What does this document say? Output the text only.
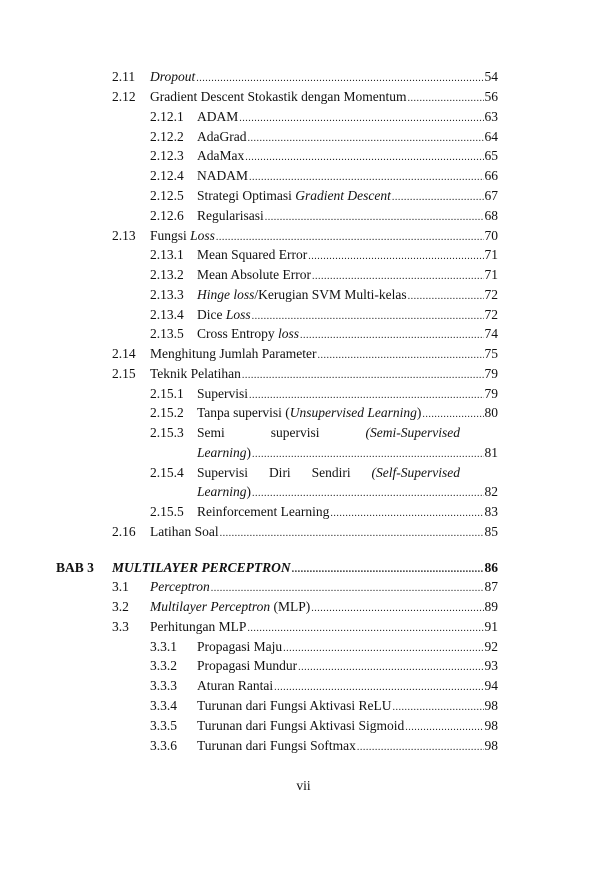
2.11 Dropout .....	54
2.12 Gradient Descent Stokastik dengan Momentum .....	56
2.12.1 ADAM .....	63
2.12.2 AdaGrad .....	64
2.12.3 AdaMax .....	65
2.12.4 NADAM .....	66
2.12.5 Strategi Optimasi Gradient Descent .....	67
2.12.6 Regularisasi .....	68
2.13 Fungsi Loss .....	70
2.13.1 Mean Squared Error .....	71
2.13.2 Mean Absolute Error .....	71
2.13.3 Hinge loss/Kerugian SVM Multi-kelas .....	72
2.13.4 Dice Loss .....	72
2.13.5 Cross Entropy loss .....	74
2.14 Menghitung Jumlah Parameter .....	75
2.15 Teknik Pelatihan .....	79
2.15.1 Supervisi .....	79
2.15.2 Tanpa supervisi (Unsupervised Learning) .....	80
2.15.3 Semi	supervisi	(Semi-Supervised
Learning) .....	81
2.15.4 Supervisi Diri Sendiri (Self-Supervised
Learning) .....	82
2.15.5 Reinforcement Learning .....	83
2.16 Latihan Soal .....	85
BAB 3 MULTILAYER PERCEPTRON .....	86
3.1 Perceptron .....	87
3.2 Multilayer Perceptron (MLP) .....	89
3.3 Perhitungan MLP .....	91
3.3.1 Propagasi Maju .....	92
3.3.2 Propagasi Mundur .....	93
3.3.3 Aturan Rantai .....	94
3.3.4 Turunan dari Fungsi Aktivasi ReLU .....	98
3.3.5 Turunan dari Fungsi Aktivasi Sigmoid .....	98
3.3.6 Turunan dari Fungsi Softmax .....	98
vii
